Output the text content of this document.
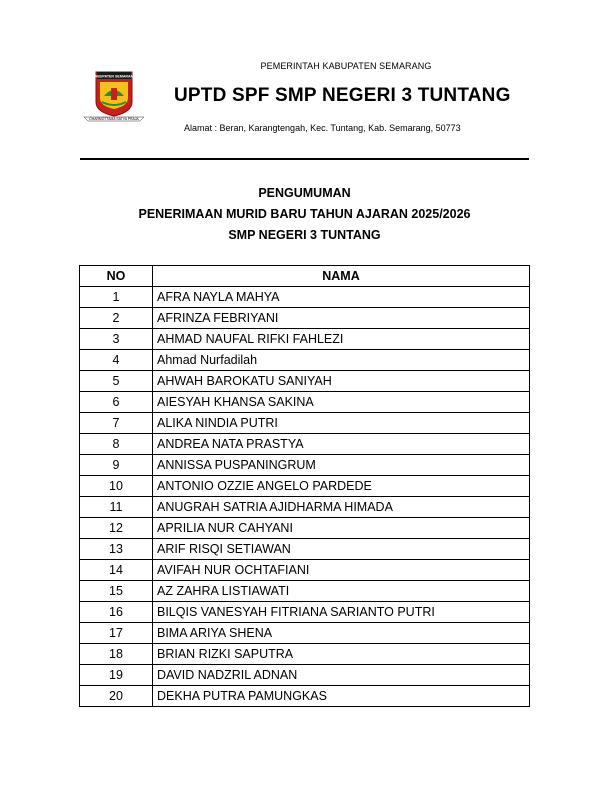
KABUPATEN SEMARANG
DHARMOTTAMA SATYA PRAJA
PEMERINTAH KABUPATEN SEMARANG
UPTD SPF SMP NEGERI 3 TUNTANG
Alamat : Beran, Karangtengah, Kec. Tuntang, Kab. Semarang, 50773
PENGUMUMAN
PENERIMAAN MURID BARU TAHUN AJARAN 2025/2026
SMP NEGERI 3 TUNTANG
NO	NAMA
1	AFRA NAYLA MAHYA
2	AFRINZA FEBRIYANI
3	AHMAD NAUFAL RIFKI FAHLEZI
4	Ahmad Nurfadilah
5	AHWAH BAROKATU SANIYAH
6	AIESYAH KHANSA SAKINA
7	ALIKA NINDIA PUTRI
8	ANDREA NATA PRASTYA
9	ANNISSA PUSPANINGRUM
10	ANTONIO OZZIE ANGELO PARDEDE
11	ANUGRAH SATRIA AJIDHARMA HIMADA
12	APRILIA NUR CAHYANI
13	ARIF RISQI SETIAWAN
14	AVIFAH NUR OCHTAFIANI
15	AZ ZAHRA LISTIAWATI
16	BILQIS VANESYAH FITRIANA SARIANTO PUTRI
17	BIMA ARIYA SHENA
18	BRIAN RIZKI SAPUTRA
19	DAVID NADZRIL ADNAN
20	DEKHA PUTRA PAMUNGKAS
